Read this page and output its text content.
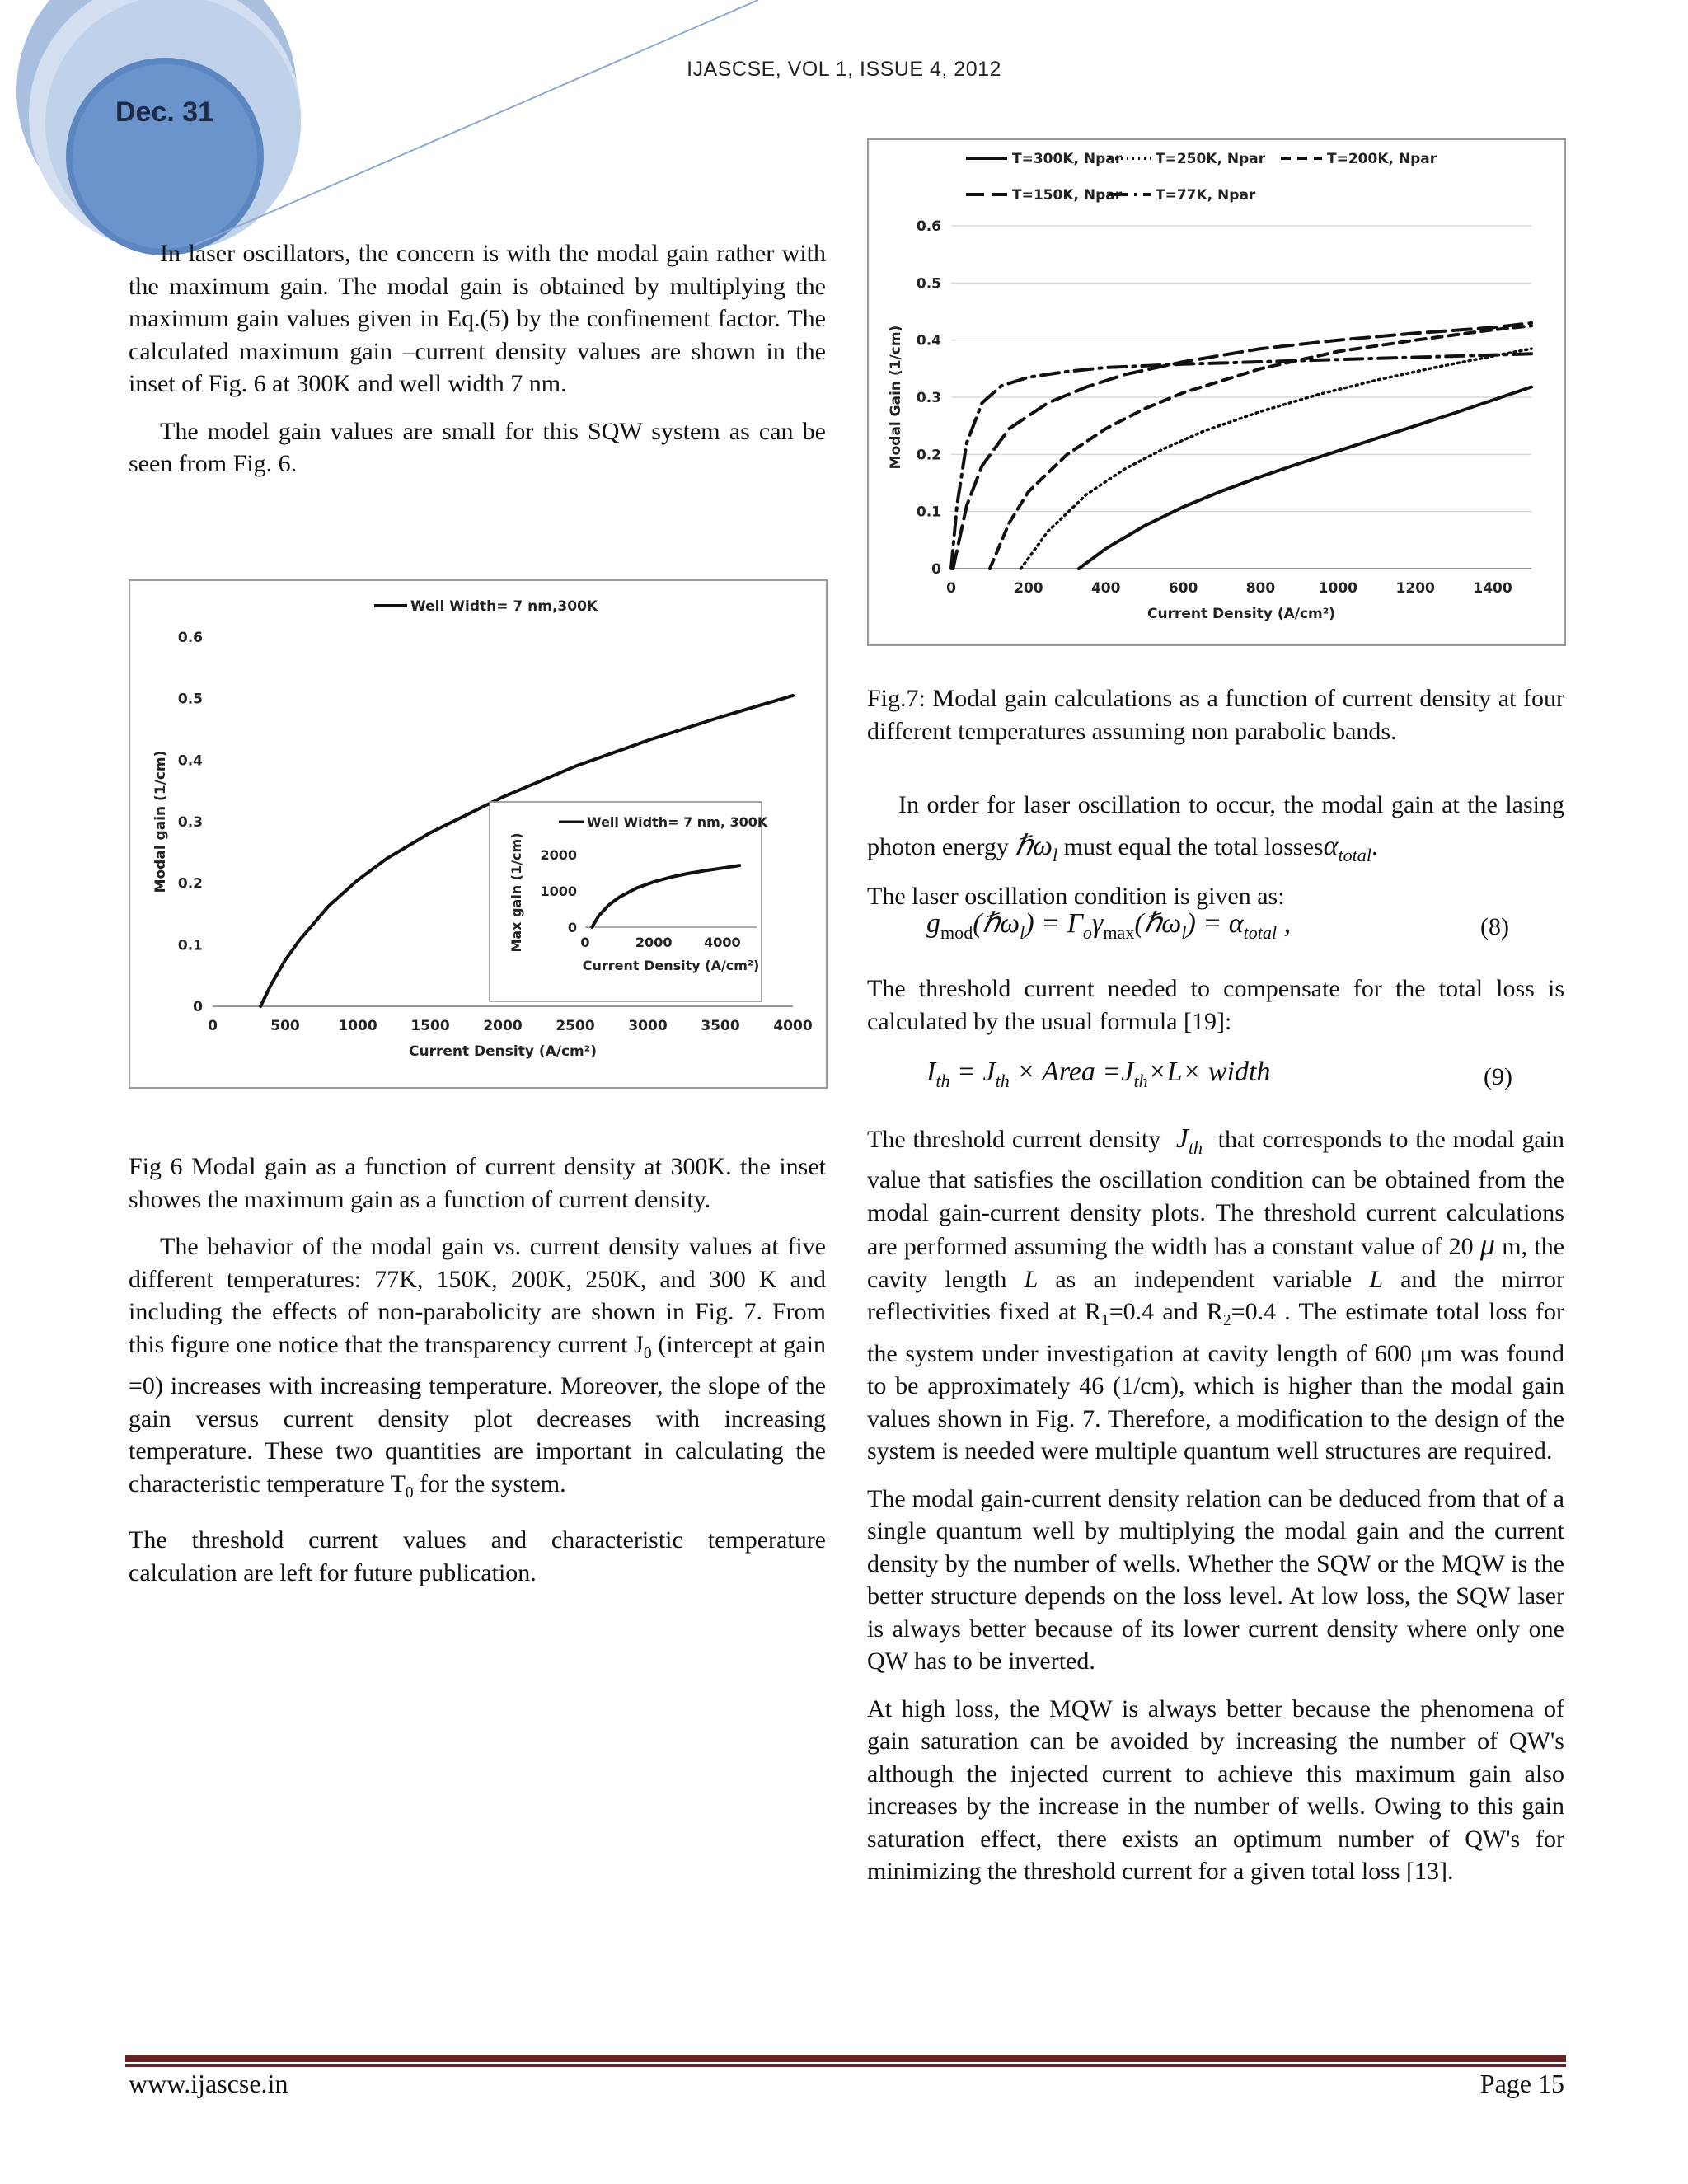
IJASCSE, VOL 1, ISSUE 4, 2012
Dec. 31

In laser oscillators, the concern is with the modal gain rather with the maximum gain. The modal gain is obtained by multiplying the maximum gain values given in Eq.(5) by the confinement factor. The calculated maximum gain –current density values are shown in the inset of Fig. 6 at 300K and well width 7 nm.

The model gain values are small for this SQW system as can be seen from Fig. 6.

0
0.1
0.2
0.3
0.4
0.5
0.6
0	500	1000 1500 2000 2500 3000 3500 4000
Current Density (A/cm²)
Modal gain (1/cm)
Well Width= 7 nm,300K
0
1000
2000
0	2000 4000
Current Density (A/cm²)
Max gain (1/cm)
Well Width= 7 nm, 300K

Fig 6 Modal gain as a function of current density at 300K. the inset showes the maximum gain as a function of current density.

The behavior of the modal gain vs. current density values at five different temperatures: 77K, 150K, 200K, 250K, and 300 K and including the effects of non-parabolicity are shown in Fig. 7. From this figure one notice that the transparency current $J_0$ (intercept at gain =0) increases with increasing temperature. Moreover, the slope of the gain versus current density plot decreases with increasing temperature. These two quantities are important in calculating the characteristic temperature $T_0$ for the system.

The threshold current values and characteristic temperature calculation are left for future publication.

0
0.1
0.2
0.3
0.4
0.5
0.6
0	200	400	600	800	1000	1200	1400
Current Density (A/cm²)
Modal Gain (1/cm)
T=300K, Npar T=250K, Npar	T=200K, Npar
T=150K, Npar T=77K, Npar

Fig.7: Modal gain calculations as a function of current density at four different temperatures assuming non parabolic bands.

In order for laser oscillation to occur, the modal gain at the lasing photon energy ℏω$_l$ must equal the total lossesα$_{total}$.

The laser oscillation condition is given as:

$g_{mod}(\hbar\omega_l)$ = $\Gamma_o\gamma_{max}(\hbar\omega_l) = \alpha_{total}$ ,	(8)

The threshold current needed to compensate for the total loss is calculated by the usual formula [19]:

$I_{th} = J_{th}$ × Area $=J_{th}\times L\times$ width	(9)

The threshold current density  $J_{th}$ that corresponds to the modal gain value that satisfies the oscillation condition can be obtained from the modal gain-current density plots. The threshold current calculations are performed assuming the width has a constant value of 20 μ m, the cavity length L as an independent variable L and the mirror reflectivities fixed at $R_1=0.4$ and $R_2=0.4$ . The estimate total loss for the system under investigation at cavity length of 600 μm was found to be approximately 46 (1/cm), which is higher than the modal gain values shown in Fig. 7. Therefore, a modification to the design of the system is needed were multiple quantum well structures are required.

The modal gain-current density relation can be deduced from that of a single quantum well by multiplying the modal gain and the current density by the number of wells. Whether the SQW or the MQW is the better structure depends on the loss level. At low loss, the SQW laser is always better because of its lower current density where only one QW has to be inverted.

At high loss, the MQW is always better because the phenomena of gain saturation can be avoided by increasing the number of QW's although the injected current to achieve this maximum gain also increases by the increase in the number of wells. Owing to this gain saturation effect, there exists an optimum number of QW's for minimizing the threshold current for a given total loss [13].

www.ijascse.in	Page 15
